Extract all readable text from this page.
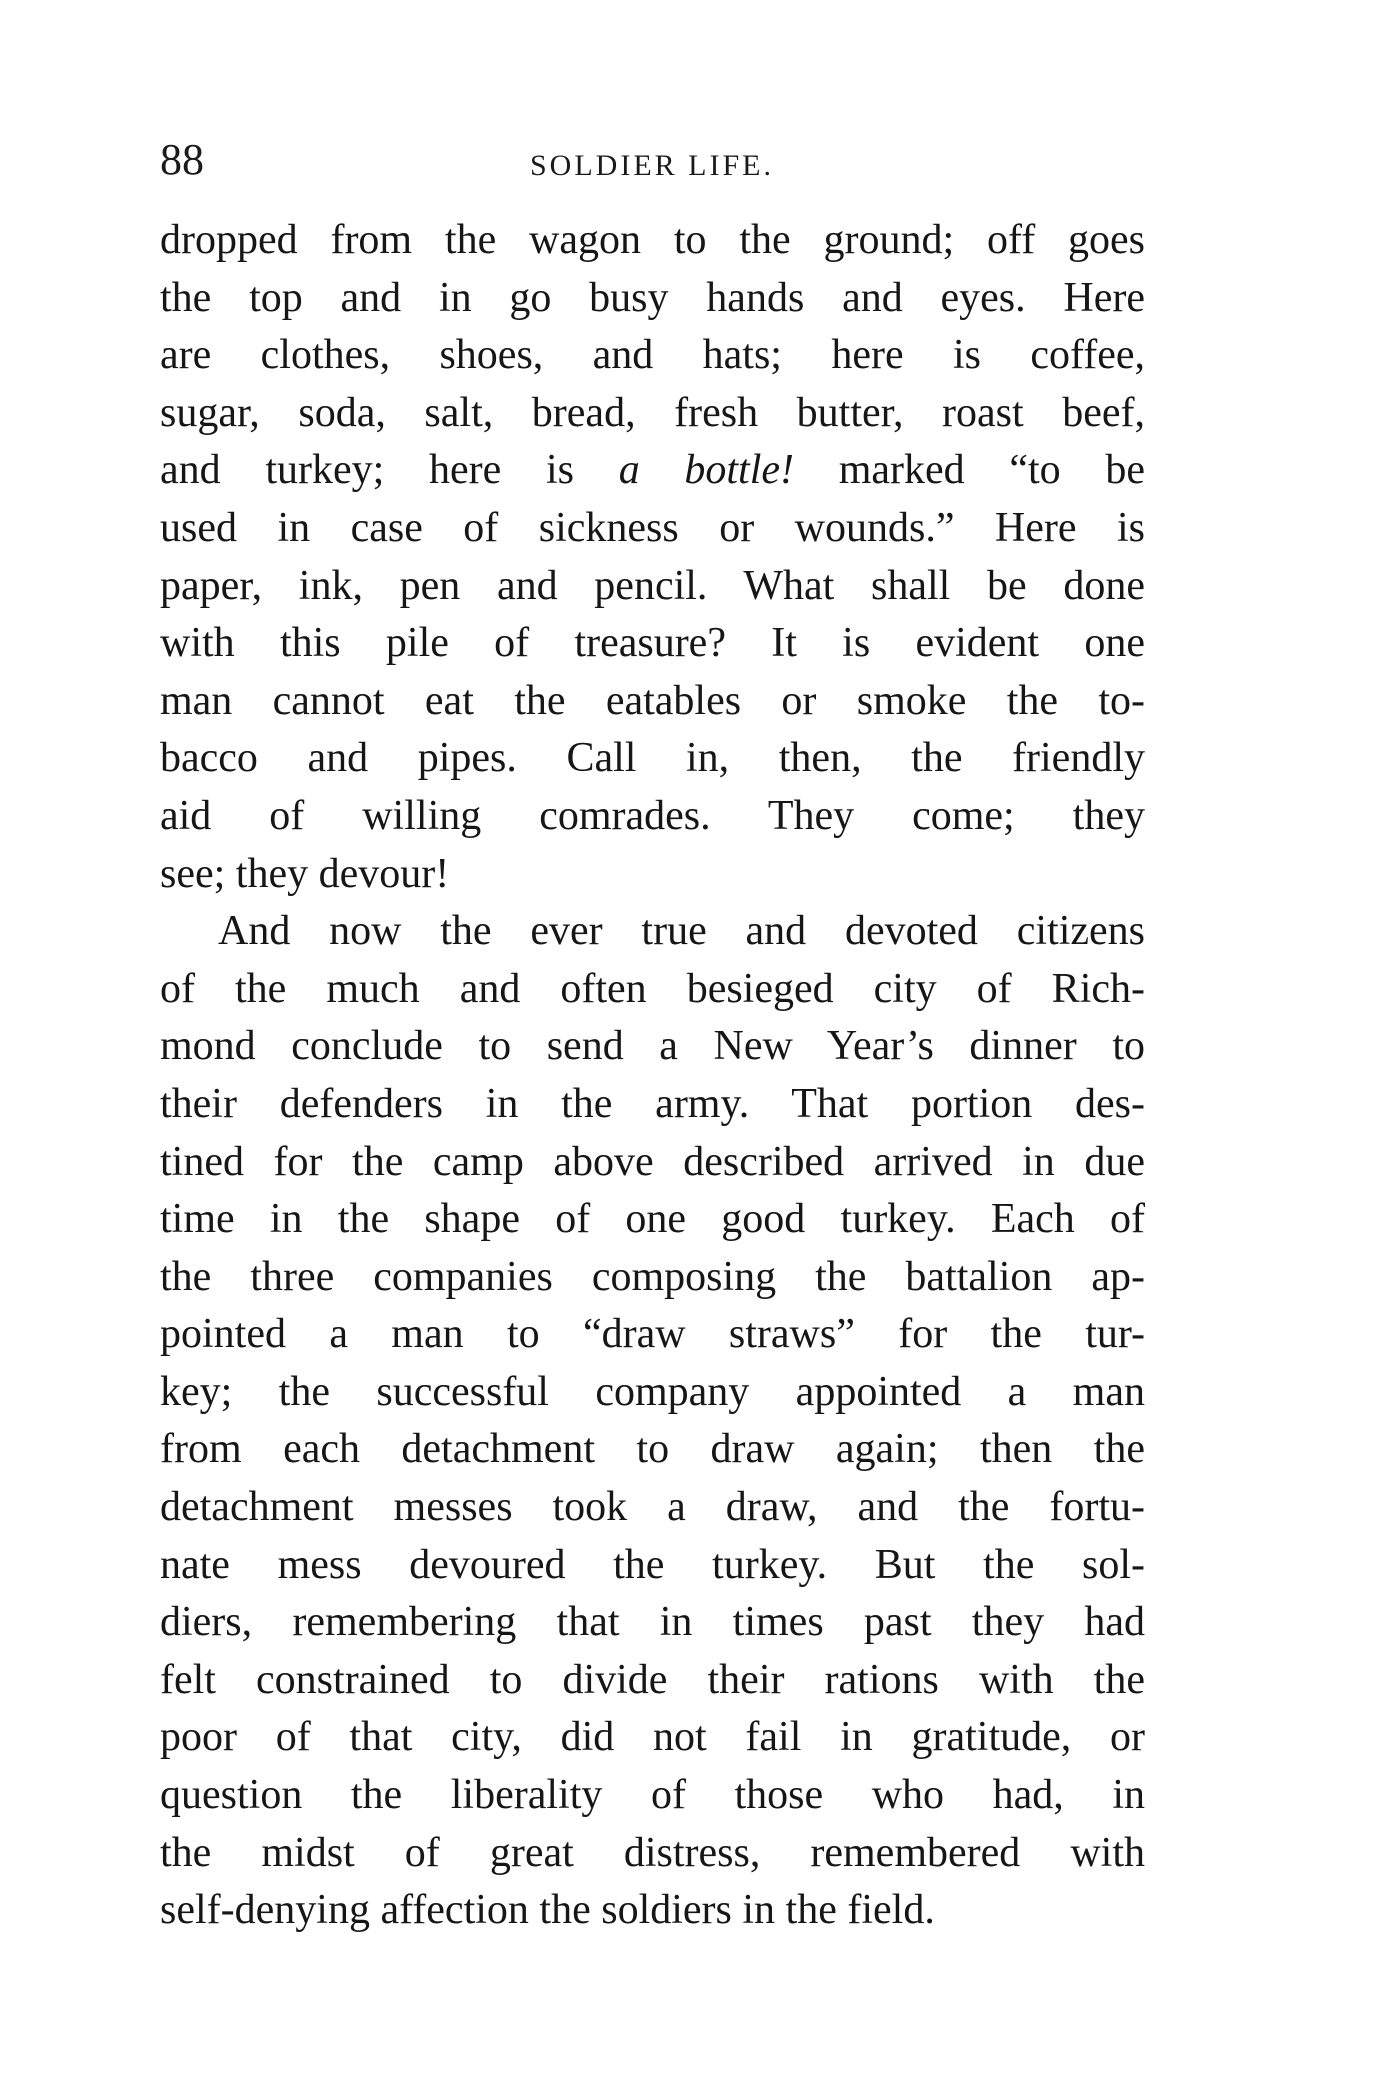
88	SOLDIER LIFE.
dropped from the wagon to the ground; off goes
the top and in go busy hands and eyes. Here
are clothes, shoes, and hats; here is coffee,
sugar, soda, salt, bread, fresh butter, roast beef,
and turkey; here is a bottle! marked “to be
used in case of sickness or wounds.” Here is
paper, ink, pen and pencil. What shall be done
with this pile of treasure? It is evident one
man cannot eat the eatables or smoke the to-
bacco and pipes. Call in, then, the friendly
aid of willing comrades. They come; they
see; they devour!
And now the ever true and devoted citizens
of the much and often besieged city of Rich-
mond conclude to send a New Year’s dinner to
their defenders in the army. That portion des-
tined for the camp above described arrived in due
time in the shape of one good turkey. Each of
the three companies composing the battalion ap-
pointed a man to “draw straws” for the tur-
key; the successful company appointed a man
from each detachment to draw again; then the
detachment messes took a draw, and the fortu-
nate mess devoured the turkey. But the sol-
diers, remembering that in times past they had
felt constrained to divide their rations with the
poor of that city, did not fail in gratitude, or
question the liberality of those who had, in
the midst of great distress, remembered with
self-denying affection the soldiers in the field.
